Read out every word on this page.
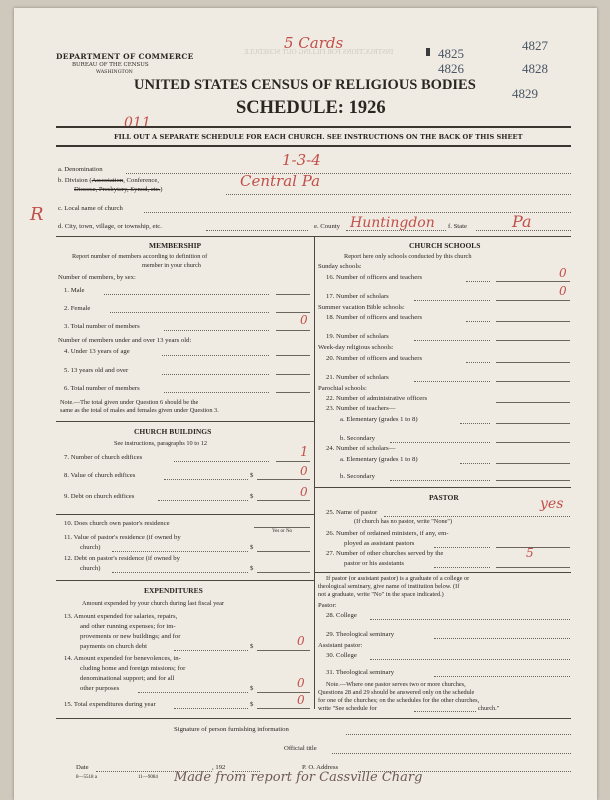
INSTRUCTIONS FOR FILLING OUT SCHEDULE
5 Cards
011
R
4825
4826
4827
4828
4829
DEPARTMENT OF COMMERCE
BUREAU OF THE CENSUS
WASHINGTON
UNITED STATES CENSUS OF RELIGIOUS BODIES
SCHEDULE: 1926
FILL OUT A SEPARATE SCHEDULE FOR EACH CHURCH. SEE INSTRUCTIONS ON THE BACK OF THIS SHEET
1-3-4
a. Denomination
b. Division (Association, Conference,
Diocese, Presbytery, Synod, etc.)	Central Pa
c. Local name of church
d. City, town, village, or township, etc.	e. County Huntingdon f. State	Pa
MEMBERSHIP
Report number of members according to definition of
member in your church
Number of members, by sex:
1. Male
2. Female
3. Total number of members	0
Number of members under and over 13 years old:
4. Under 13 years of age
5. 13 years old and over
6. Total number of members
Note.—The total given under Question 6 should be the
same as the total of males and females given under Question 3.
CHURCH BUILDINGS
See instructions, paragraphs 10 to 12
7. Number of church edifices	1
8. Value of church edifices	$	0
9. Debt on church edifices	$	0
10. Does church own pastor's residence
Yes or No
11. Value of pastor's residence (if owned by
church)	$
12. Debt on pastor's residence (if owned by
church)	$
EXPENDITURES
Amount expended by your church during last fiscal year
13. Amount expended for salaries, repairs,
and other running expenses; for im-
provements or new buildings; and for
payments on church debt	$	0
14. Amount expended for benevolences, in-
cluding home and foreign missions; for
denominational support; and for all
other purposes	$	0
15. Total expenditures during year	$	0
CHURCH SCHOOLS
Report here only schools conducted by this church
Sunday schools:
16. Number of officers and teachers	0
17. Number of scholars	0
Summer vacation Bible schools:
18. Number of officers and teachers
19. Number of scholars
Week-day religious schools:
20. Number of officers and teachers
21. Number of scholars
Parochial schools:
22. Number of administrative officers
23. Number of teachers—
a. Elementary (grades 1 to 8)
b. Secondary
24. Number of scholars—
a. Elementary (grades 1 to 8)
b. Secondary
PASTOR
25. Name of pastor
yes
(If church has no pastor, write "None")
26. Number of ordained ministers, if any, em-
ployed as assistant pastors
27. Number of other churches served by the
pastor or his assistants
5
If pastor (or assistant pastor) is a graduate of a college or
theological seminary, give name of institution below. (If
not a graduate, write "No" in the space indicated.)
Pastor:
28. College
29. Theological seminary
Assistant pastor:
30. College
31. Theological seminary
Note.—Where one pastor serves two or more churches,
Questions 28 and 29 should be answered only on the schedule
for one of the churches; on the schedules for the other churches,
write "See schedule for	church."
Signature of person furnishing information
Official title
Date	, 192	P. O. Address
8—5518 a	11—9084 Made from report for Cassville Charg
